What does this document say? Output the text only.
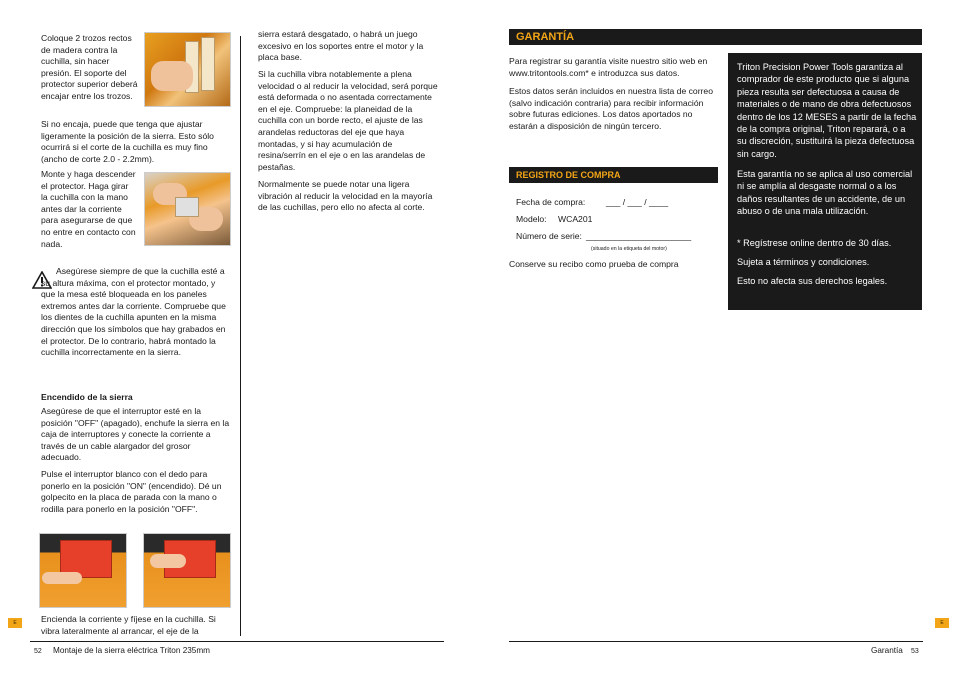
Coloque 2 trozos rectos de madera contra la cuchilla, sin hacer presión. El soporte del protector superior deberá encajar entre los trozos.

Si no encaja, puede que tenga que ajustar ligeramente la posición de la sierra. Esto sólo ocurrirá si el corte de la cuchilla es muy fino (ancho de corte 2.0 - 2.2mm).

Monte y haga descender el protector. Haga girar la cuchilla con la mano antes dar la corriente para asegurarse de que no entre en contacto con nada.

Asegúrese siempre de que la cuchilla esté a su altura máxima, con el protector montado, y que la mesa esté bloqueada en los paneles extremos antes dar la corriente. Compruebe que los dientes de la cuchilla apunten en la misma dirección que los símbolos que hay grabados en el protector. De lo contrario, habrá montado la cuchilla incorrectamente en la sierra.

Encendido de la sierra

Asegúrese de que el interruptor esté en la posición "OFF" (apagado), enchufe la sierra en la caja de interruptores y conecte la corriente a través de un cable alargador del grosor adecuado.

Pulse el interruptor blanco con el dedo para ponerlo en la posición "ON" (encendido). Dé un golpecito en la placa de parada con la mano o rodilla para ponerlo en la posición "OFF".

Encienda la corriente y fíjese en la cuchilla. Si vibra lateralmente al arrancar, el eje de la

sierra estará desgatado, o habrá un juego excesivo en los soportes entre el motor y la placa base.

Si la cuchilla vibra notablemente a plena velocidad o al reducir la velocidad, será porque está deformada o no asentada correctamente en el eje. Compruebe: la planeidad de la cuchilla con un borde recto, el ajuste de las arandelas reductoras del eje que haya montadas, y si hay acumulación de resina/serrín en el eje o en las arandelas de pestañas.

Normalmente se puede notar una ligera vibración al reducir la velocidad en la mayoría de las cuchillas, pero ello no afecta al corte.

E
52 Montaje de la sierra eléctrica Triton 235mm
GARANTÍA

Para registrar su garantía visite nuestro sitio web en www.tritontools.com* e introduzca sus datos.

Estos datos serán incluidos en nuestra lista de correo (salvo indicación contraria) para recibir información sobre futuras ediciones. Los datos aportados no estarán a disposición de ningún tercero.

REGISTRO DE COMPRA
Fecha de compra: ___ / ___ / ____
Modelo: WCA201
Número de serie: ______________________
(situado en la etiqueta del motor)

Conserve su recibo como prueba de compra

Triton Precision Power Tools garantiza al comprador de este producto que si alguna pieza resulta ser defectuosa a causa de materiales o de mano de obra defectuosos dentro de los 12 MESES a partir de la fecha de la compra original, Triton reparará, o a su discreción, sustituirá la pieza defectuosa sin cargo.

Esta garantía no se aplica al uso comercial ni se amplía al desgaste normal o a los daños resultantes de un accidente, de un abuso o de una mala utilización.

* Regístrese online dentro de 30 días.

Sujeta a términos y condiciones.

Esto no afecta sus derechos legales.

E
Garantía 53
